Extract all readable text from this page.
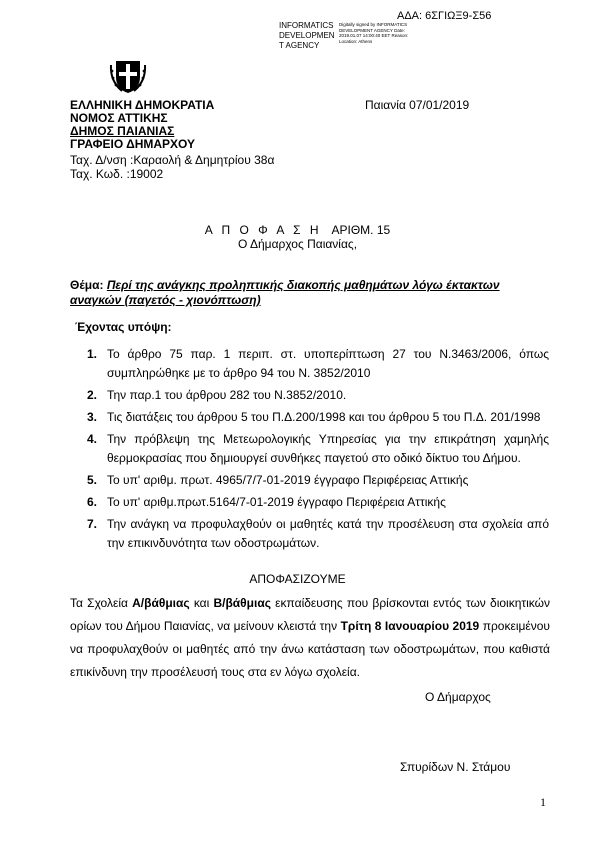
ΑΔΑ: 6ΣΓΙΩΞ9-Σ56
INFORMATICS DEVELOPMEN T AGENCY
Digitally signed by INFORMATICS DEVELOPMENT AGENCY Date: 2019.01.07 14:00:40 EET Reason: Location: Athens
ΕΛΛΗΝΙΚΗ ΔΗΜΟΚΡΑΤΙΑ
ΝΟΜΟΣ ΑΤΤΙΚΗΣ
ΔΗΜΟΣ ΠΑΙΑΝΙΑΣ
ΓΡΑΦΕΙΟ ΔΗΜΑΡΧΟΥ
Ταχ. Δ/νση :Καραολή & Δημητρίου 38α
Ταχ. Κωδ. :19002
Παιανία 07/01/2019
Α Π Ο Φ Α Σ Η ΑΡΙΘΜ. 15
Ο Δήμαρχος Παιανίας,
Θέμα: Περί της ανάγκης προληπτικής διακοπής μαθημάτων λόγω έκτακτων αναγκών (παγετός - χιονόπτωση)
Έχοντας υπόψη:
1. Το άρθρο 75 παρ. 1 περιπ. στ. υποπερίπτωση 27 του Ν.3463/2006, όπως συμπληρώθηκε με το άρθρο 94 του Ν. 3852/2010
2. Την παρ.1 του άρθρου 282 του Ν.3852/2010.
3. Τις διατάξεις του άρθρου 5 του Π.Δ.200/1998 και του άρθρου 5 του Π.Δ. 201/1998
4. Την πρόβλεψη της Μετεωρολογικής Υπηρεσίας για την επικράτηση χαμηλής θερμοκρασίας που δημιουργεί συνθήκες παγετού στο οδικό δίκτυο του Δήμου.
5. Το υπ' αριθμ. πρωτ. 4965/7/7-01-2019 έγγραφο Περιφέρειας Αττικής
6. Το υπ' αριθμ.πρωτ.5164/7-01-2019 έγγραφο Περιφέρεια Αττικής
7. Την ανάγκη να προφυλαχθούν οι μαθητές κατά την προσέλευση στα σχολεία από την επικινδυνότητα των οδοστρωμάτων.
ΑΠΟΦΑΣΙΖΟΥΜΕ
Τα Σχολεία Α/βάθμιας και Β/βάθμιας εκπαίδευσης που βρίσκονται εντός των διοικητικών ορίων του Δήμου Παιανίας, να μείνουν κλειστά την Τρίτη 8 Ιανουαρίου 2019 προκειμένου να προφυλαχθούν οι μαθητές από την άνω κατάσταση των οδοστρωμάτων, που καθιστά επικίνδυνη την προσέλευσή τους στα εν λόγω σχολεία.
Ο Δήμαρχος
Σπυρίδων Ν. Στάμου
1
